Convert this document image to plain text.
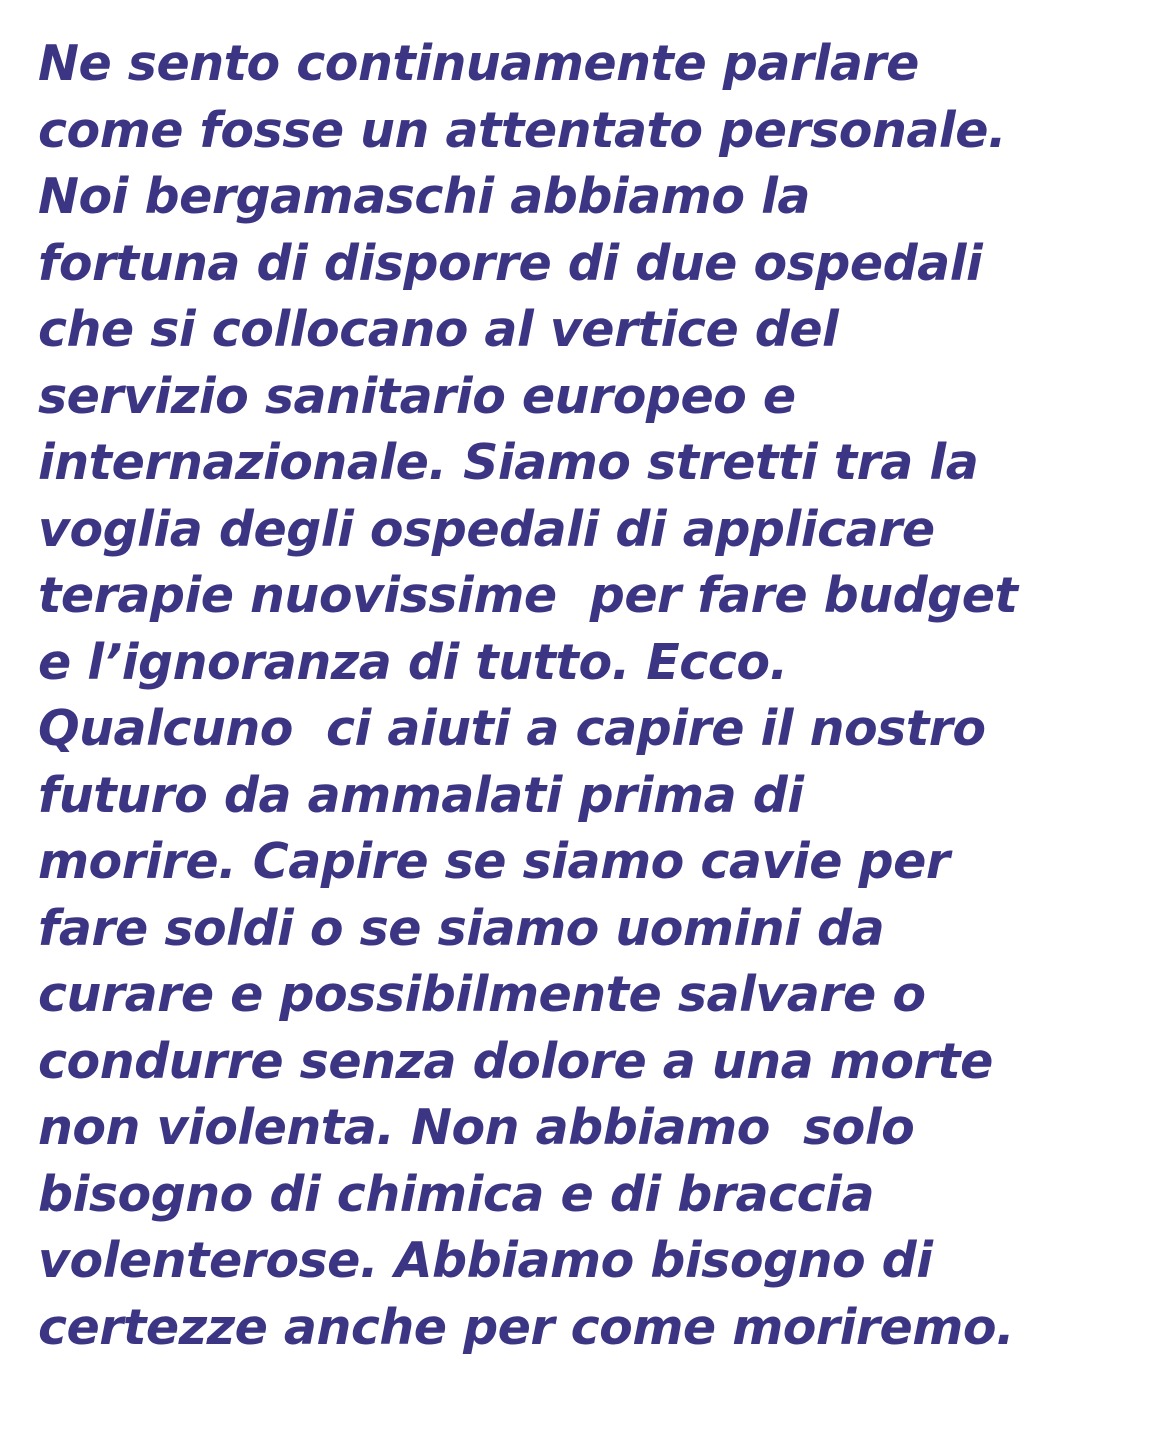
Ne sento continuamente parlare
come fosse un attentato personale.
Noi bergamaschi abbiamo la
fortuna di disporre di due ospedali
che si collocano al vertice del
servizio sanitario europeo e
internazionale. Siamo stretti tra la
voglia degli ospedali di applicare
terapie nuovissime  per fare budget
e l’ignoranza di tutto. Ecco.
Qualcuno  ci aiuti a capire il nostro
futuro da ammalati prima di
morire. Capire se siamo cavie per
fare soldi o se siamo uomini da
curare e possibilmente salvare o
condurre senza dolore a una morte
non violenta. Non abbiamo  solo
bisogno di chimica e di braccia
volenterose. Abbiamo bisogno di
certezze anche per come moriremo.
